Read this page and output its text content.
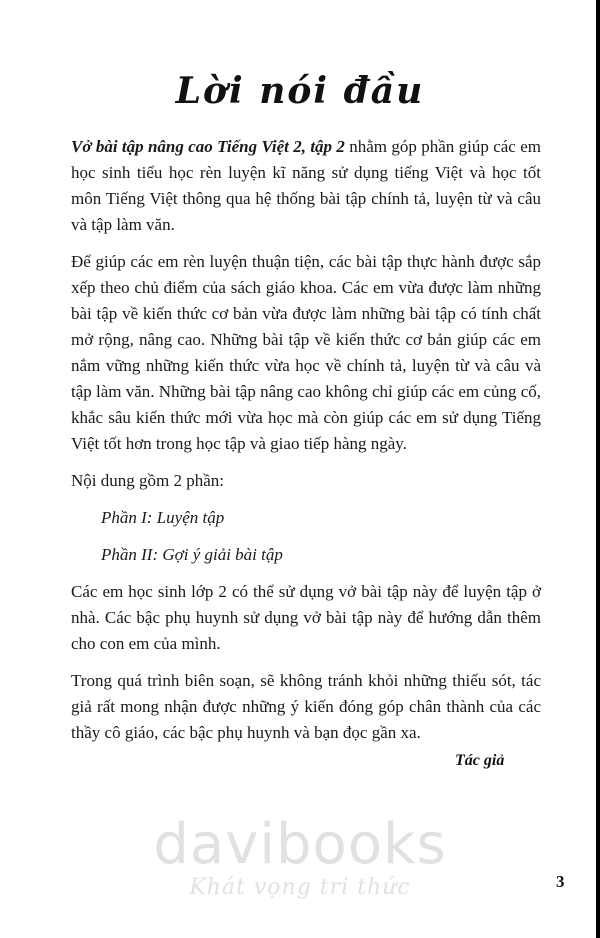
Lời nói đầu

Vở bài tập nâng cao Tiếng Việt 2, tập 2 nhằm góp phần giúp các em học sinh tiểu học rèn luyện kĩ năng sử dụng tiếng Việt và học tốt môn Tiếng Việt thông qua hệ thống bài tập chính tả, luyện từ và câu và tập làm văn.

Để giúp các em rèn luyện thuận tiện, các bài tập thực hành được sắp xếp theo chủ điểm của sách giáo khoa. Các em vừa được làm những bài tập về kiến thức cơ bản vừa được làm những bài tập có tính chất mở rộng, nâng cao. Những bài tập về kiến thức cơ bản giúp các em nắm vững những kiến thức vừa học về chính tả, luyện từ và câu và tập làm văn. Những bài tập nâng cao không chỉ giúp các em củng cố, khắc sâu kiến thức mới vừa học mà còn giúp các em sử dụng Tiếng Việt tốt hơn trong học tập và giao tiếp hàng ngày.

Nội dung gồm 2 phần:

Phần I: Luyện tập

Phần II: Gợi ý giải bài tập

Các em học sinh lớp 2 có thể sử dụng vở bài tập này để luyện tập ở nhà. Các bậc phụ huynh sử dụng vở bài tập này để hướng dẫn thêm cho con em của mình.

Trong quá trình biên soạn, sẽ không tránh khỏi những thiếu sót, tác giả rất mong nhận được những ý kiến đóng góp chân thành của các thầy cô giáo, các bậc phụ huynh và bạn đọc gần xa.

Tác giả
davibooks
Khát vọng tri thức	3
